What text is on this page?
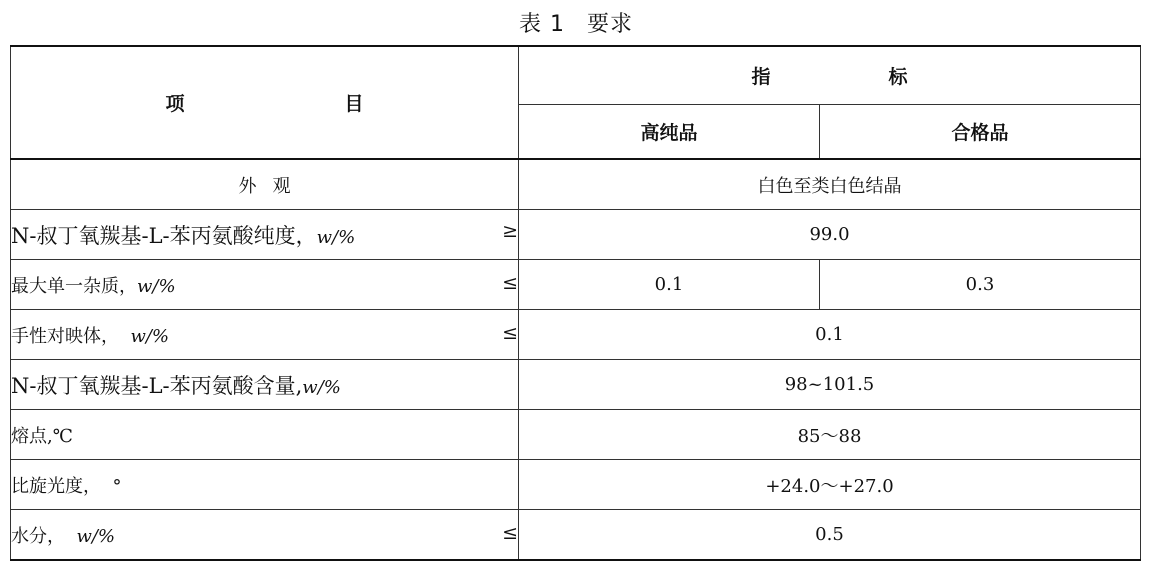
表 1 要求
项 目	指 标	
	高纯品	合格品
外 观	白色至类白色结晶	

N-叔丁氧羰基-L-苯丙氨酸纯度，w/% ≥	99.0	

最大单一杂质，w/% ≤	0.1	0.3

手性对映体， w/% ≤	0.1	

N-叔丁氧羰基-L-苯丙氨酸含量,w/%	98~101.5	

熔点,℃	85～88	

比旋光度， °	+24.0～+27.0	

水分， w/% ≤	0.5	
